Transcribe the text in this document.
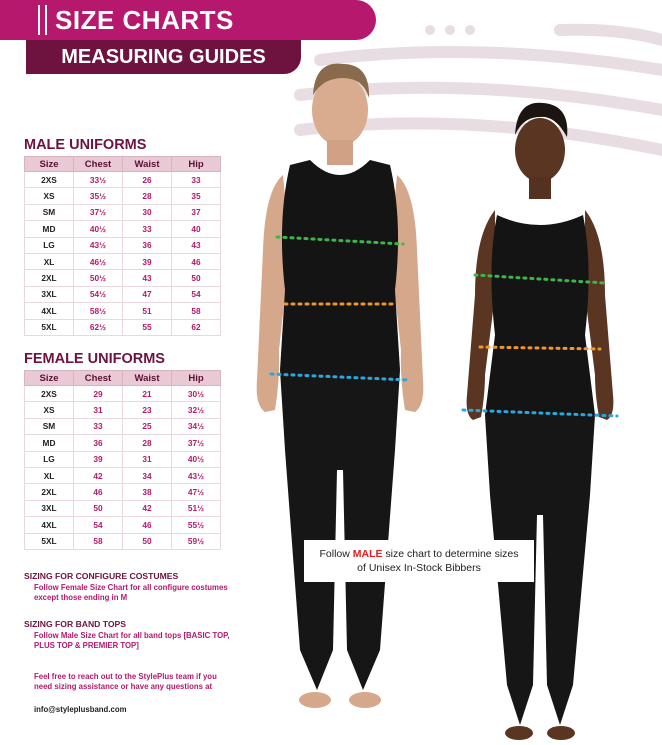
SIZE CHARTS
MEASURING GUIDES
MALE UNIFORMS
Size	Chest	Waist	Hip
2XS	33½	26	33
XS	35½	28	35
SM	37½	30	37
MD	40½	33	40
LG	43½	36	43
XL	46½	39	46
2XL	50½	43	50
3XL	54½	47	54
4XL	58½	51	58
5XL	62½	55	62
FEMALE UNIFORMS
Size	Chest	Waist	Hip
2XS	29	21	30½
XS	31	23	32½
SM	33	25	34½
MD	36	28	37½
LG	39	31	40½
XL	42	34	43½
2XL	46	38	47½
3XL	50	42	51½
4XL	54	46	55½
5XL	58	50	59½
SIZING FOR CONFIGURE COSTUMES
Follow Female Size Chart for all configure costumes except those ending in M
SIZING FOR BAND TOPS
Follow Male Size Chart for all band tops [BASIC TOP, PLUS TOP & PREMIER TOP]
Feel free to reach out to the StylePlus team if you need sizing assistance or have any questions at
info@styleplusband.com
Follow MALE size chart to determine sizes
of Unisex In-Stock Bibbers
